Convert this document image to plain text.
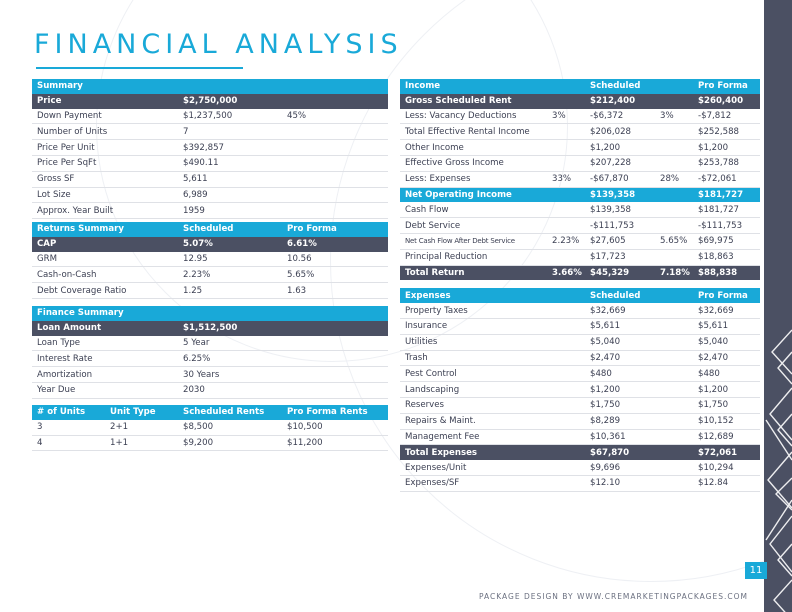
FINANCIAL ANALYSIS
Summary		
Price	$2,750,000	
Down Payment	$1,237,500	45%
Number of Units	7	
Price Per Unit	$392,857	
Price Per SqFt	$490.11	
Gross SF	5,611	
Lot Size	6,989	
Approx. Year Built	1959	
Returns Summary	Scheduled	Pro Forma
CAP	5.07%	6.61%
GRM	12.95	10.56
Cash-on-Cash	2.23%	5.65%
Debt Coverage Ratio	1.25	1.63
Finance Summary		
Loan Amount	$1,512,500	
Loan Type	5 Year	
Interest Rate	6.25%	
Amortization	30 Years	
Year Due	2030	
# of Units	Unit Type	Scheduled Rents	Pro Forma Rents
3	2+1	$8,500	$10,500
4	1+1	$9,200	$11,200
Income		Scheduled		Pro Forma
Gross Scheduled Rent		$212,400		$260,400
Less: Vacancy Deductions	3%	-$6,372	3%	-$7,812
Total Effective Rental Income		$206,028		$252,588
Other Income		$1,200		$1,200
Effective Gross Income		$207,228		$253,788
Less: Expenses	33%	-$67,870	28%	-$72,061
Net Operating Income		$139,358		$181,727
Cash Flow		$139,358		$181,727
Debt Service		-$111,753		-$111,753
Net Cash Flow After Debt Service	2.23%	$27,605	5.65%	$69,975
Principal Reduction		$17,723		$18,863
Total Return	3.66%	$45,329	7.18%	$88,838

Expenses		Scheduled		Pro Forma
Property Taxes		$32,669		$32,669
Insurance		$5,611		$5,611
Utilities		$5,040		$5,040
Trash		$2,470		$2,470
Pest Control		$480		$480
Landscaping		$1,200		$1,200
Reserves		$1,750		$1,750
Repairs & Maint.		$8,289		$10,152
Management Fee		$10,361		$12,689
Total Expenses		$67,870		$72,061
Expenses/Unit		$9,696		$10,294
Expenses/SF		$12.10		$12.84
11
PACKAGE DESIGN BY WWW.CREMARKETINGPACKAGES.COM
